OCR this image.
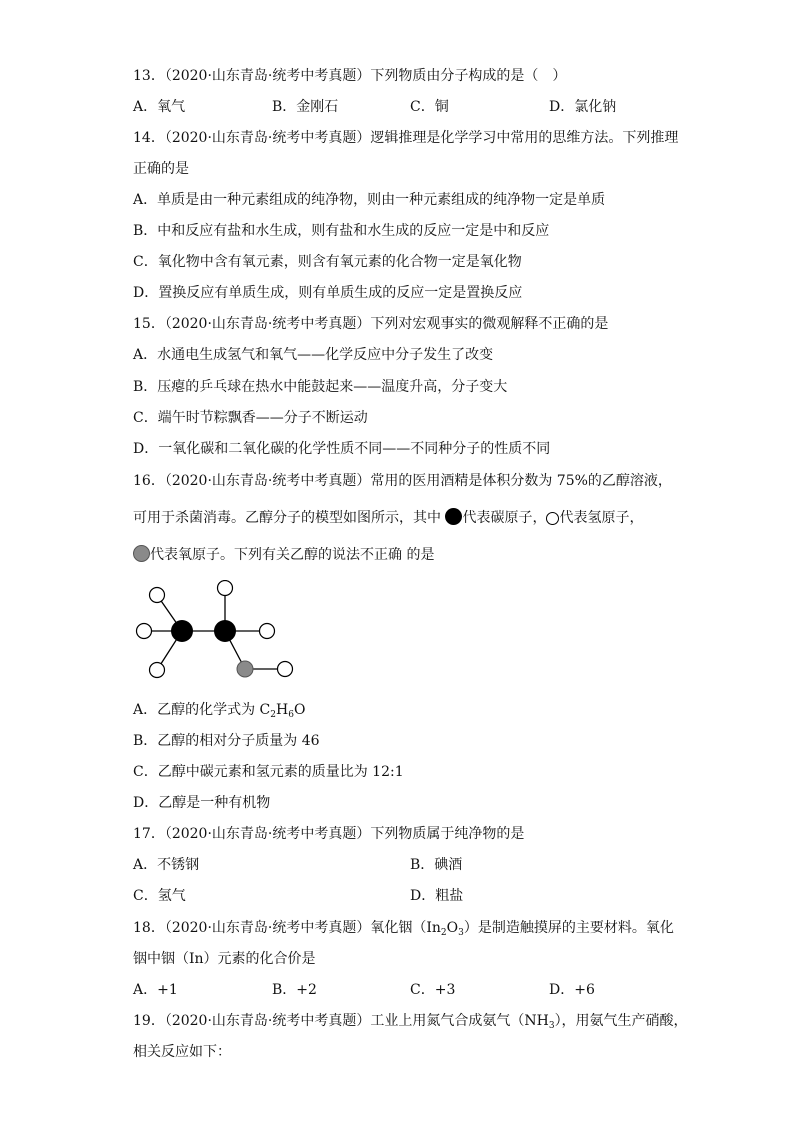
13．（2020·山东青岛·统考中考真题）下列物质由分子构成的是（　）
A．氧气	B．金刚石	C．铜	D．氯化钠
14．（2020·山东青岛·统考中考真题）逻辑推理是化学学习中常用的思维方法。下列推理
正确的是
A．单质是由一种元素组成的纯净物，则由一种元素组成的纯净物一定是单质
B．中和反应有盐和水生成，则有盐和水生成的反应一定是中和反应
C．氧化物中含有氧元素，则含有氧元素的化合物一定是氧化物
D．置换反应有单质生成，则有单质生成的反应一定是置换反应
15．（2020·山东青岛·统考中考真题）下列对宏观事实的微观解释不正确的是
A．水通电生成氢气和氧气——化学反应中分子发生了改变
B．压瘪的乒乓球在热水中能鼓起来——温度升高，分子变大
C．端午时节粽飘香——分子不断运动
D．一氧化碳和二氧化碳的化学性质不同——不同种分子的性质不同
16．（2020·山东青岛·统考中考真题）常用的医用酒精是体积分数为 75%的乙醇溶液，
可用于杀菌消毒。乙醇分子的模型如图所示，其中 代表碳原子， 代表氢原子，
代表氧原子。下列有关乙醇的说法不正确 的是
A．乙醇的化学式为 $C_2H_6O$
B．乙醇的相对分子质量为 46
C．乙醇中碳元素和氢元素的质量比为 12:1
D．乙醇是一种有机物
17．（2020·山东青岛·统考中考真题）下列物质属于纯净物的是
A．不锈钢	B．碘酒
C．氢气	D．粗盐
18．（2020·山东青岛·统考中考真题）氧化铟$(In_2O_3)$是制造触摸屏的主要材料。氧化
铟中铟（In）元素的化合价是
A．+1	B．+2	C．+3	D．+6
19．（2020·山东青岛·统考中考真题）工业上用氮气合成氨气$(NH_3)$，用氨气生产硝酸，
相关反应如下：
